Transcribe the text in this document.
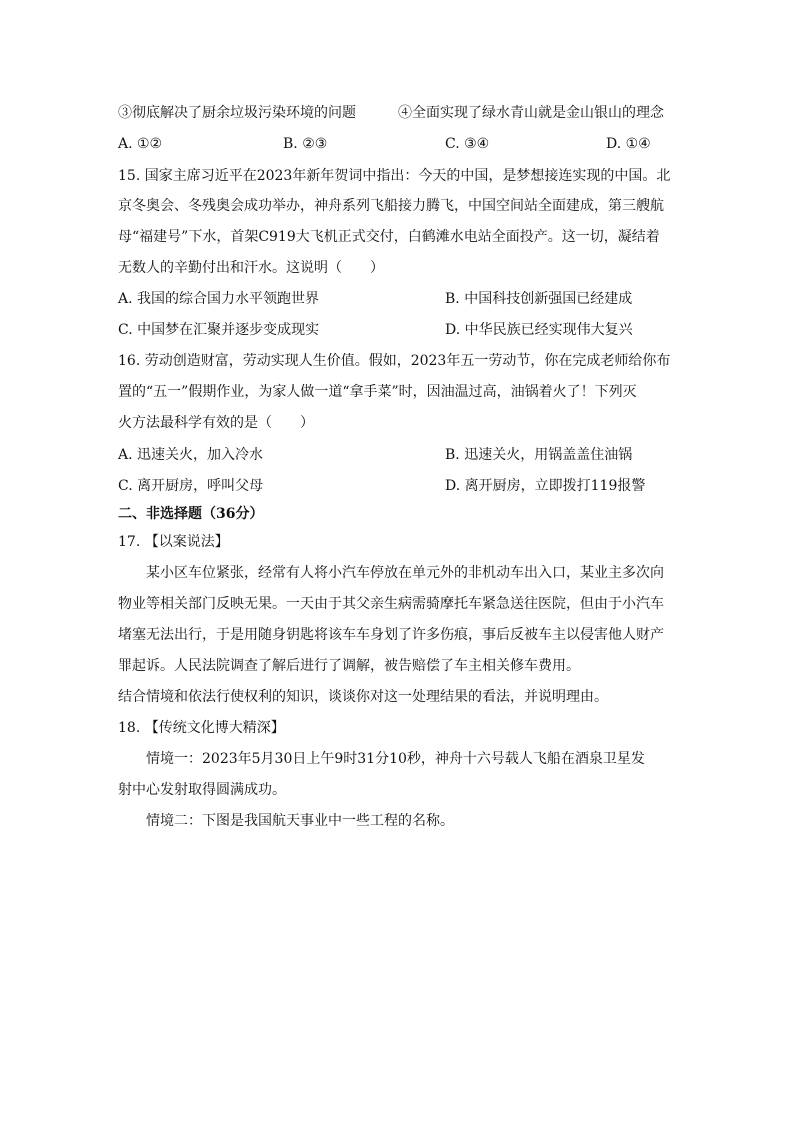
③彻底解决了厨余垃圾污染环境的问题	④全面实现了绿水青山就是金山银山的理念
A. ①②	B. ②③	C. ③④	D. ①④
15. 国家主席习近平在2023年新年贺词中指出：今天的中国，是梦想接连实现的中国。北
京冬奥会、冬残奥会成功举办，神舟系列飞船接力腾飞，中国空间站全面建成，第三艘航
母“福建号”下水，首架C919大飞机正式交付，白鹤滩水电站全面投产。这一切，凝结着
无数人的辛勤付出和汗水。这说明（　　）
A. 我国的综合国力水平领跑世界	B. 中国科技创新强国已经建成
C. 中国梦在汇聚并逐步变成现实	D. 中华民族已经实现伟大复兴
16. 劳动创造财富，劳动实现人生价值。假如，2023年五一劳动节，你在完成老师给你布
置的“五一”假期作业，为家人做一道“拿手菜”时，因油温过高，油锅着火了！下列灭
火方法最科学有效的是（　　）
A. 迅速关火，加入冷水	B. 迅速关火，用锅盖盖住油锅
C. 离开厨房，呼叫父母	D. 离开厨房，立即拨打119报警
二、非选择题（36分）
17. 【以案说法】
某小区车位紧张，经常有人将小汽车停放在单元外的非机动车出入口，某业主多次向
物业等相关部门反映无果。一天由于其父亲生病需骑摩托车紧急送往医院，但由于小汽车
堵塞无法出行，于是用随身钥匙将该车车身划了许多伤痕，事后反被车主以侵害他人财产
罪起诉。人民法院调查了解后进行了调解，被告赔偿了车主相关修车费用。
结合情境和依法行使权利的知识，谈谈你对这一处理结果的看法，并说明理由。
18. 【传统文化博大精深】
情境一：2023年5月30日上午9时31分10秒，神舟十六号载人飞船在酒泉卫星发
射中心发射取得圆满成功。
情境二：下图是我国航天事业中一些工程的名称。
